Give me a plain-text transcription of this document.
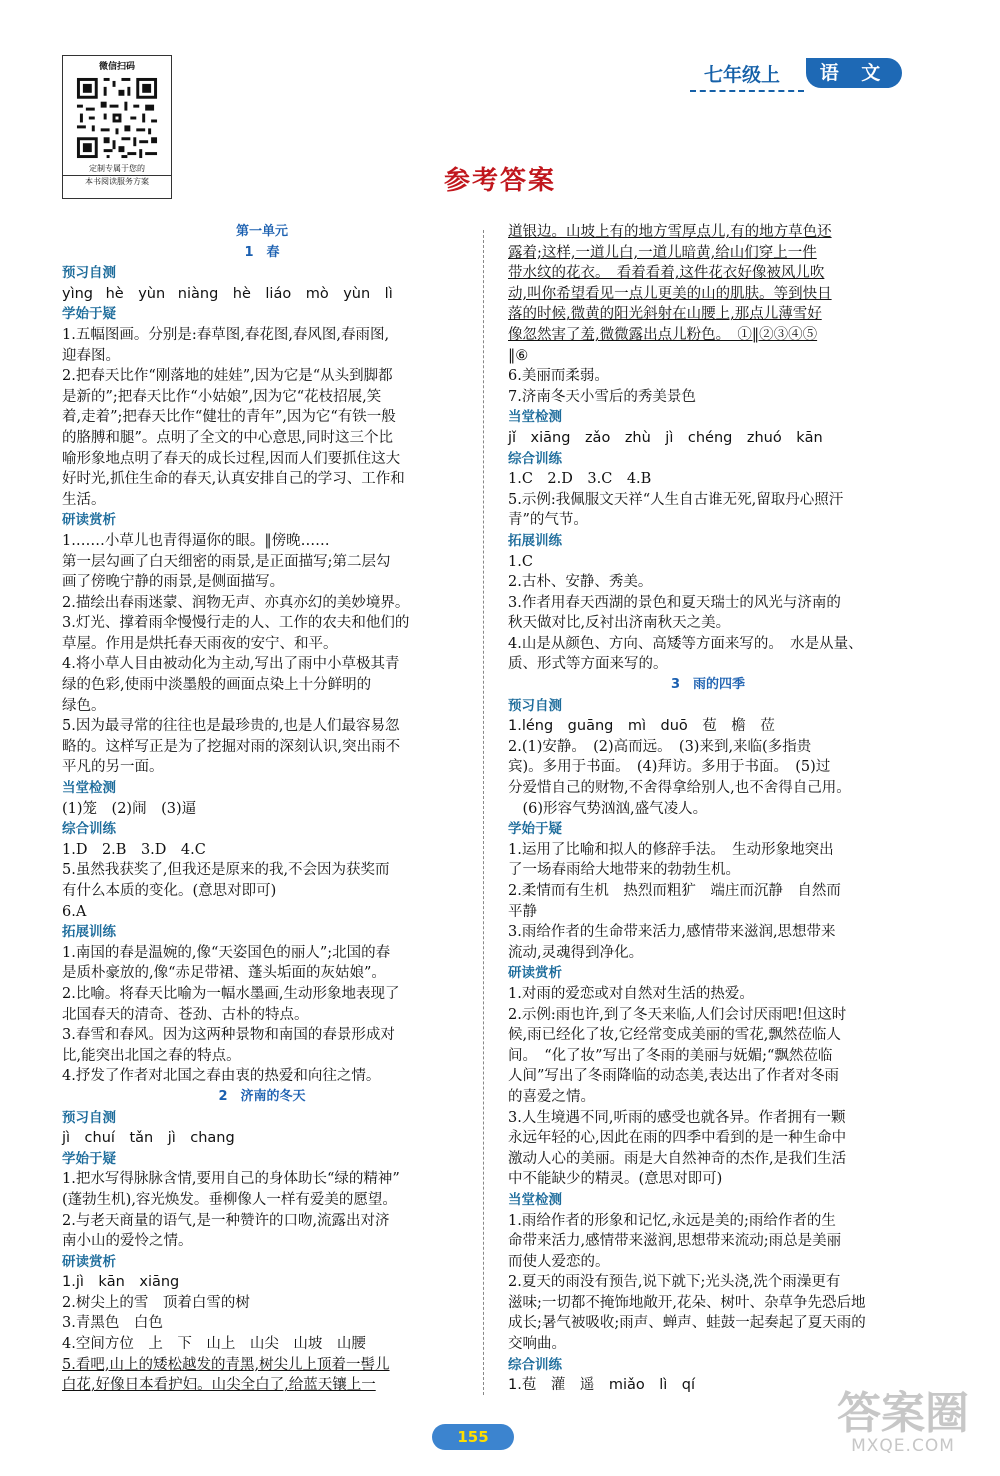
微信扫码
定制专属于您的
本书阅读服务方案
七年级上	语 文
参考答案
第一单元
1　春
预习自测
yìng hè　yùn niàng　hè　liáo　mò　yùn　lì
学始于疑
1.五幅图画。分别是:春草图,春花图,春风图,春雨图,
迎春图。
2.把春天比作“刚落地的娃娃”,因为它是“从头到脚都
是新的”;把春天比作“小姑娘”,因为它“花枝招展,笑
着,走着”;把春天比作“健壮的青年”,因为它“有铁一般
的胳膊和腿”。点明了全文的中心意思,同时这三个比
喻形象地点明了春天的成长过程,因而人们要抓住这大
好时光,抓住生命的春天,认真安排自己的学习、工作和
生活。
研读赏析
1.……小草儿也青得逼你的眼。‖傍晚……
第一层勾画了白天细密的雨景,是正面描写;第二层勾
画了傍晚宁静的雨景,是侧面描写。
2.描绘出春雨迷蒙、润物无声、亦真亦幻的美妙境界。
3.灯光、撑着雨伞慢慢行走的人、工作的农夫和他们的
草屋。作用是烘托春天雨夜的安宁、和平。
4.将小草人目由被动化为主动,写出了雨中小草极其青
绿的色彩,使雨中淡墨般的画面点染上十分鲜明的
绿色。
5.因为最寻常的往往也是最珍贵的,也是人们最容易忽
略的。这样写正是为了挖掘对雨的深刻认识,突出雨不
平凡的另一面。
当堂检测
(1)笼　(2)闹　(3)逼
综合训练
1.D　2.B　3.D　4.C
5.虽然我获奖了,但我还是原来的我,不会因为获奖而
有什么本质的变化。(意思对即可)
6.A
拓展训练
1.南国的春是温婉的,像“天姿国色的丽人”;北国的春
是质朴豪放的,像“赤足带裙、蓬头垢面的灰姑娘”。
2.比喻。将春天比喻为一幅水墨画,生动形象地表现了
北国春天的清奇、苍劲、古朴的特点。
3.春雪和春风。因为这两种景物和南国的春景形成对
比,能突出北国之春的特点。
4.抒发了作者对北国之春由衷的热爱和向往之情。
2　济南的冬天
预习自测
jì　chuí　tǎn　jì　chang
学始于疑
1.把水写得脉脉含情,要用自己的身体助长“绿的精神”
(蓬勃生机),容光焕发。垂柳像人一样有爱美的愿望。
2.与老天商量的语气,是一种赞许的口吻,流露出对济
南小山的爱怜之情。
研读赏析
1.jì　kān　xiāng
2.树尖上的雪　顶着白雪的树
3.青黑色　白色
4.空间方位　上　下　山上　山尖　山坡　山腰
5.看吧,山上的矮松越发的青黑,树尖儿上顶着一髻儿
白花,好像日本看护妇。山尖全白了,给蓝天镶上一
道银边。山坡上有的地方雪厚点儿,有的地方草色还
露着;这样,一道儿白,一道儿暗黄,给山们穿上一件
带水纹的花衣。　看着看着,这件花衣好像被风儿吹
动,叫你希望看见一点儿更美的山的肌肤。等到快日
落的时候,微黄的阳光斜射在山腰上,那点儿薄雪好
像忽然害了羞,微微露出点儿粉色。　①‖②③④⑤
‖⑥
6.美丽而柔弱。
7.济南冬天小雪后的秀美景色
当堂检测
jǐ　xiāng　zǎo　zhù　jì　chéng　zhuó　kān
综合训练
1.C　2.D　3.C　4.B
5.示例:我佩服文天祥“人生自古谁无死,留取丹心照汗
青”的气节。
拓展训练
1.C
2.古朴、安静、秀美。
3.作者用春天西湖的景色和夏天瑞士的风光与济南的
秋天做对比,反衬出济南秋天之美。
4.山是从颜色、方向、高矮等方面来写的。　水是从量、
质、形式等方面来写的。
3　雨的四季
预习自测
1.léng　guāng　mì　duō　苞　檐　莅
2.(1)安静。　(2)高而远。　(3)来到,来临(多指贵
宾)。多用于书面。　(4)拜访。多用于书面。　(5)过
分爱惜自己的财物,不舍得拿给别人,也不舍得自己用。
　(6)形容气势汹汹,盛气凌人。
学始于疑
1.运用了比喻和拟人的修辞手法。　生动形象地突出
了一场春雨给大地带来的勃勃生机。
2.柔情而有生机　热烈而粗犷　端庄而沉静　自然而
平静
3.雨给作者的生命带来活力,感情带来滋润,思想带来
流动,灵魂得到净化。
研读赏析
1.对雨的爱恋或对自然对生活的热爱。
2.示例:雨也许,到了冬天来临,人们会讨厌雨吧!但这时
候,雨已经化了妆,它经常变成美丽的雪花,飘然莅临人
间。　“化了妆”写出了冬雨的美丽与妩媚;“飘然莅临
人间”写出了冬雨降临的动态美,表达出了作者对冬雨
的喜爱之情。
3.人生境遇不同,听雨的感受也就各异。作者拥有一颗
永远年轻的心,因此在雨的四季中看到的是一种生命中
激动人心的美丽。雨是大自然神奇的杰作,是我们生活
中不能缺少的精灵。(意思对即可)
当堂检测
1.雨给作者的形象和记忆,永远是美的;雨给作者的生
命带来活力,感情带来滋润,思想带来流动;雨总是美丽
而使人爱恋的。
2.夏天的雨没有预告,说下就下;光头浇,洗个雨澡更有
滋味;一切都不掩饰地敞开,花朵、树叶、杂草争先恐后地
成长;暑气被吸收;雨声、蝉声、蛙鼓一起奏起了夏天雨的
交响曲。
综合训练
1.苞　灌　遥　miǎo　lì　qí
155	答案圈
MXQE.COM
